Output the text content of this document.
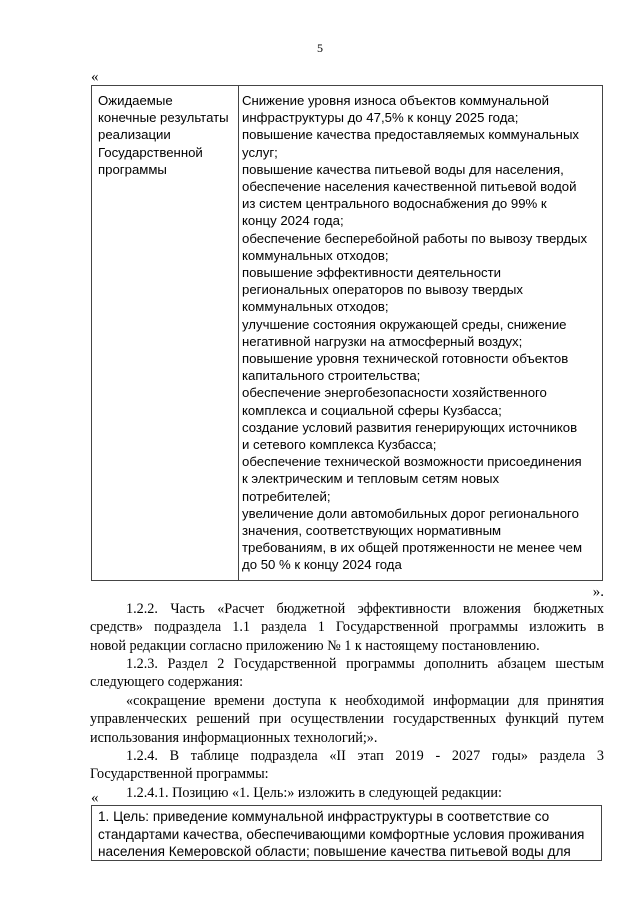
5
«
Ожидаемые
конечные результаты
реализации
Государственной
программы
Снижение уровня износа объектов коммунальной
инфраструктуры до 47,5% к концу 2025 года;
повышение качества предоставляемых коммунальных
услуг;
повышение качества питьевой воды для населения,
обеспечение населения качественной питьевой водой
из систем центрального водоснабжения до 99% к
концу 2024 года;
обеспечение бесперебойной работы по вывозу твердых
коммунальных отходов;
повышение эффективности деятельности
региональных операторов по вывозу твердых
коммунальных отходов;
улучшение состояния окружающей среды, снижение
негативной нагрузки на атмосферный воздух;
повышение уровня технической готовности объектов
капитального строительства;
обеспечение энергобезопасности хозяйственного
комплекса и социальной сферы Кузбасса;
создание условий развития генерирующих источников
и сетевого комплекса Кузбасса;
обеспечение технической возможности присоединения
к электрическим и тепловым сетям новых
потребителей;
увеличение доли автомобильных дорог регионального
значения, соответствующих нормативным
требованиям, в их общей протяженности не менее чем
до 50 % к концу 2024 года
».
1.2.2. Часть «Расчет бюджетной эффективности вложения бюджетных
средств» подраздела 1.1 раздела 1 Государственной программы изложить в
новой редакции согласно приложению № 1 к настоящему постановлению.
1.2.3. Раздел 2 Государственной программы дополнить абзацем шестым
следующего содержания:
«сокращение времени доступа к необходимой информации для принятия
управленческих решений при осуществлении государственных функций путем
использования информационных технологий;».
1.2.4. В таблице подраздела «II этап 2019 - 2027 годы» раздела 3
Государственной программы:
1.2.4.1. Позицию «1. Цель:» изложить в следующей редакции:
«
1. Цель: приведение коммунальной инфраструктуры в соответствие со
стандартами качества, обеспечивающими комфортные условия проживания
населения Кемеровской области; повышение качества питьевой воды для
